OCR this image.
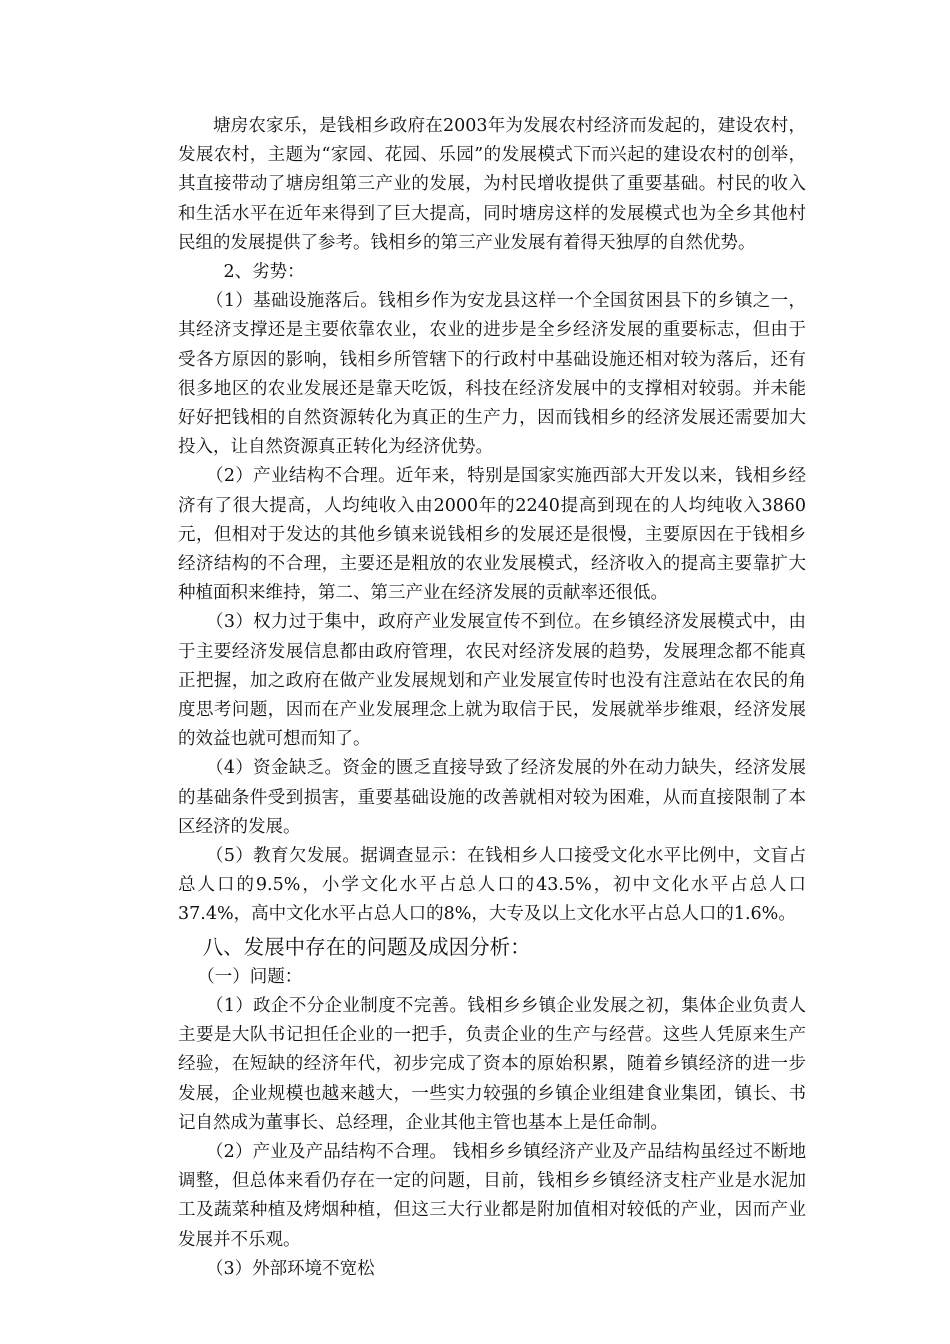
塘房农家乐，是钱相乡政府在2003年为发展农村经济而发起的，建设农村，发展农村，主题为“家园、花园、乐园”的发展模式下而兴起的建设农村的创举，其直接带动了塘房组第三产业的发展，为村民增收提供了重要基础。村民的收入和生活水平在近年来得到了巨大提高，同时塘房这样的发展模式也为全乡其他村民组的发展提供了参考。钱相乡的第三产业发展有着得天独厚的自然优势。

2、劣势：

（1）基础设施落后。钱相乡作为安龙县这样一个全国贫困县下的乡镇之一，其经济支撑还是主要依靠农业，农业的进步是全乡经济发展的重要标志，但由于受各方原因的影响，钱相乡所管辖下的行政村中基础设施还相对较为落后，还有很多地区的农业发展还是靠天吃饭，科技在经济发展中的支撑相对较弱。并未能好好把钱相的自然资源转化为真正的生产力，因而钱相乡的经济发展还需要加大投入，让自然资源真正转化为经济优势。

（2）产业结构不合理。近年来，特别是国家实施西部大开发以来，钱相乡经济有了很大提高，人均纯收入由2000年的2240提高到现在的人均纯收入3860元，但相对于发达的其他乡镇来说钱相乡的发展还是很慢，主要原因在于钱相乡经济结构的不合理，主要还是粗放的农业发展模式，经济收入的提高主要靠扩大种植面积来维持，第二、第三产业在经济发展的贡献率还很低。

（3）权力过于集中，政府产业发展宣传不到位。在乡镇经济发展模式中，由于主要经济发展信息都由政府管理，农民对经济发展的趋势，发展理念都不能真正把握，加之政府在做产业发展规划和产业发展宣传时也没有注意站在农民的角度思考问题，因而在产业发展理念上就为取信于民，发展就举步维艰，经济发展的效益也就可想而知了。

（4）资金缺乏。资金的匮乏直接导致了经济发展的外在动力缺失，经济发展的基础条件受到损害，重要基础设施的改善就相对较为困难，从而直接限制了本区经济的发展。

（5）教育欠发展。据调查显示：在钱相乡人口接受文化水平比例中，文盲占总人口的9.5%，小学文化水平占总人口的43.5%，初中文化水平占总人口37.4%，高中文化水平占总人口的8%，大专及以上文化水平占总人口的1.6%。

八、发展中存在的问题及成因分析：

（一）问题：

（1）政企不分企业制度不完善。钱相乡乡镇企业发展之初，集体企业负责人主要是大队书记担任企业的一把手，负责企业的生产与经营。这些人凭原来生产经验，在短缺的经济年代，初步完成了资本的原始积累，随着乡镇经济的进一步发展，企业规模也越来越大，一些实力较强的乡镇企业组建食业集团，镇长、书记自然成为董事长、总经理，企业其他主管也基本上是任命制。

（2）产业及产品结构不合理。 钱相乡乡镇经济产业及产品结构虽经过不断地调整，但总体来看仍存在一定的问题，目前，钱相乡乡镇经济支柱产业是水泥加工及蔬菜种植及烤烟种植，但这三大行业都是附加值相对较低的产业，因而产业发展并不乐观。

（3）外部环境不宽松
